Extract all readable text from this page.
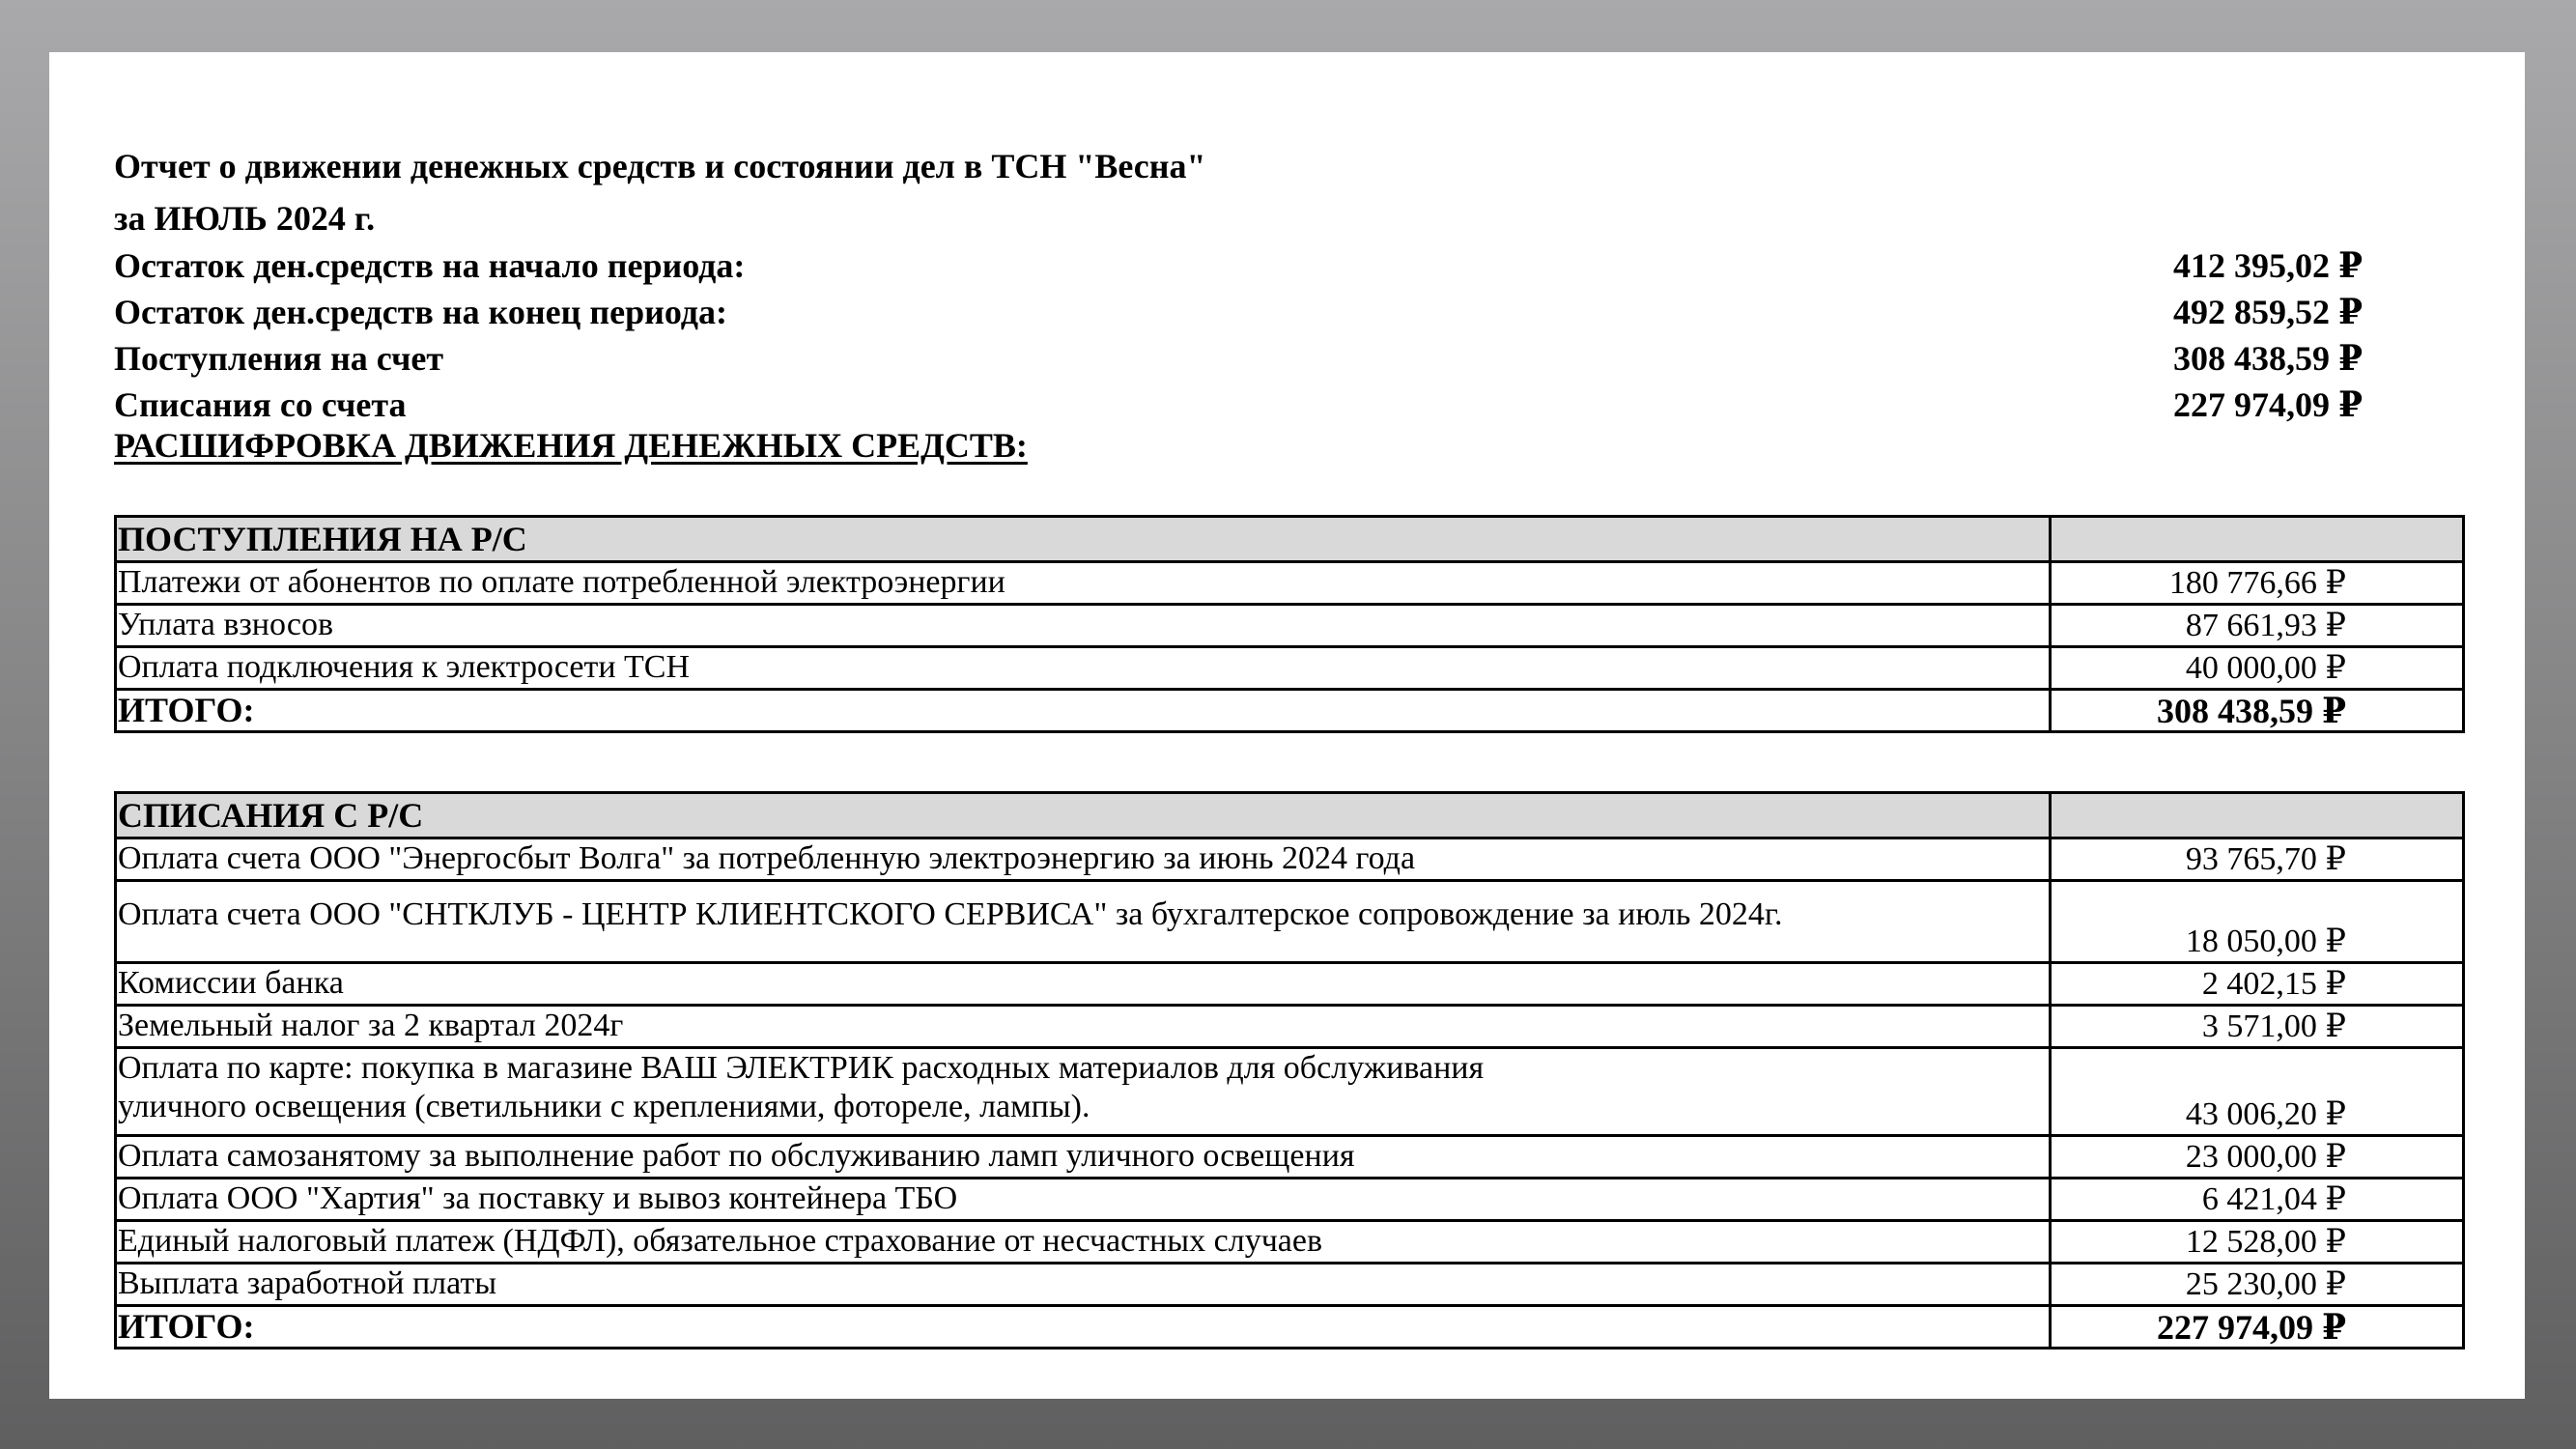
Отчет о движении денежных средств и состоянии дел в ТСН "Весна"
за ИЮЛЬ 2024 г.
Остаток ден.средств на начало периода:	412 395,02 ₽
Остаток ден.средств на конец периода:	492 859,52 ₽
Поступления на счет	308 438,59 ₽
Списания со счета	227 974,09 ₽
РАСШИФРОВКА ДВИЖЕНИЯ ДЕНЕЖНЫХ СРЕДСТВ:
ПОСТУПЛЕНИЯ НА Р/С	
Платежи от абонентов по оплате потребленной электроэнергии	180 776,66 ₽
Уплата взносов	87 661,93 ₽
Оплата подключения к электросети ТСН	40 000,00 ₽
ИТОГО:	308 438,59 ₽
СПИСАНИЯ С Р/С	
Оплата счета ООО "Энергосбыт Волга" за потребленную электроэнергию за июнь 2024 года	93 765,70 ₽
Оплата счета ООО "СНТКЛУБ - ЦЕНТР КЛИЕНТСКОГО СЕРВИСА" за бухгалтерское сопровождение за июль 2024г.	18 050,00 ₽
Комиссии банка	2 402,15 ₽
Земельный налог за 2 квартал 2024г	3 571,00 ₽
Оплата по карте: покупка в магазине ВАШ ЭЛЕКТРИК расходных материалов для обслуживания уличного освещения (светильники с креплениями, фотореле, лампы).	43 006,20 ₽
Оплата самозанятому за выполнение работ по обслуживанию ламп уличного освещения	23 000,00 ₽
Оплата ООО "Хартия" за поставку и вывоз контейнера ТБО	6 421,04 ₽
Единый налоговый платеж (НДФЛ), обязательное страхование от несчастных случаев	12 528,00 ₽
Выплата заработной платы	25 230,00 ₽
ИТОГО:	227 974,09 ₽
